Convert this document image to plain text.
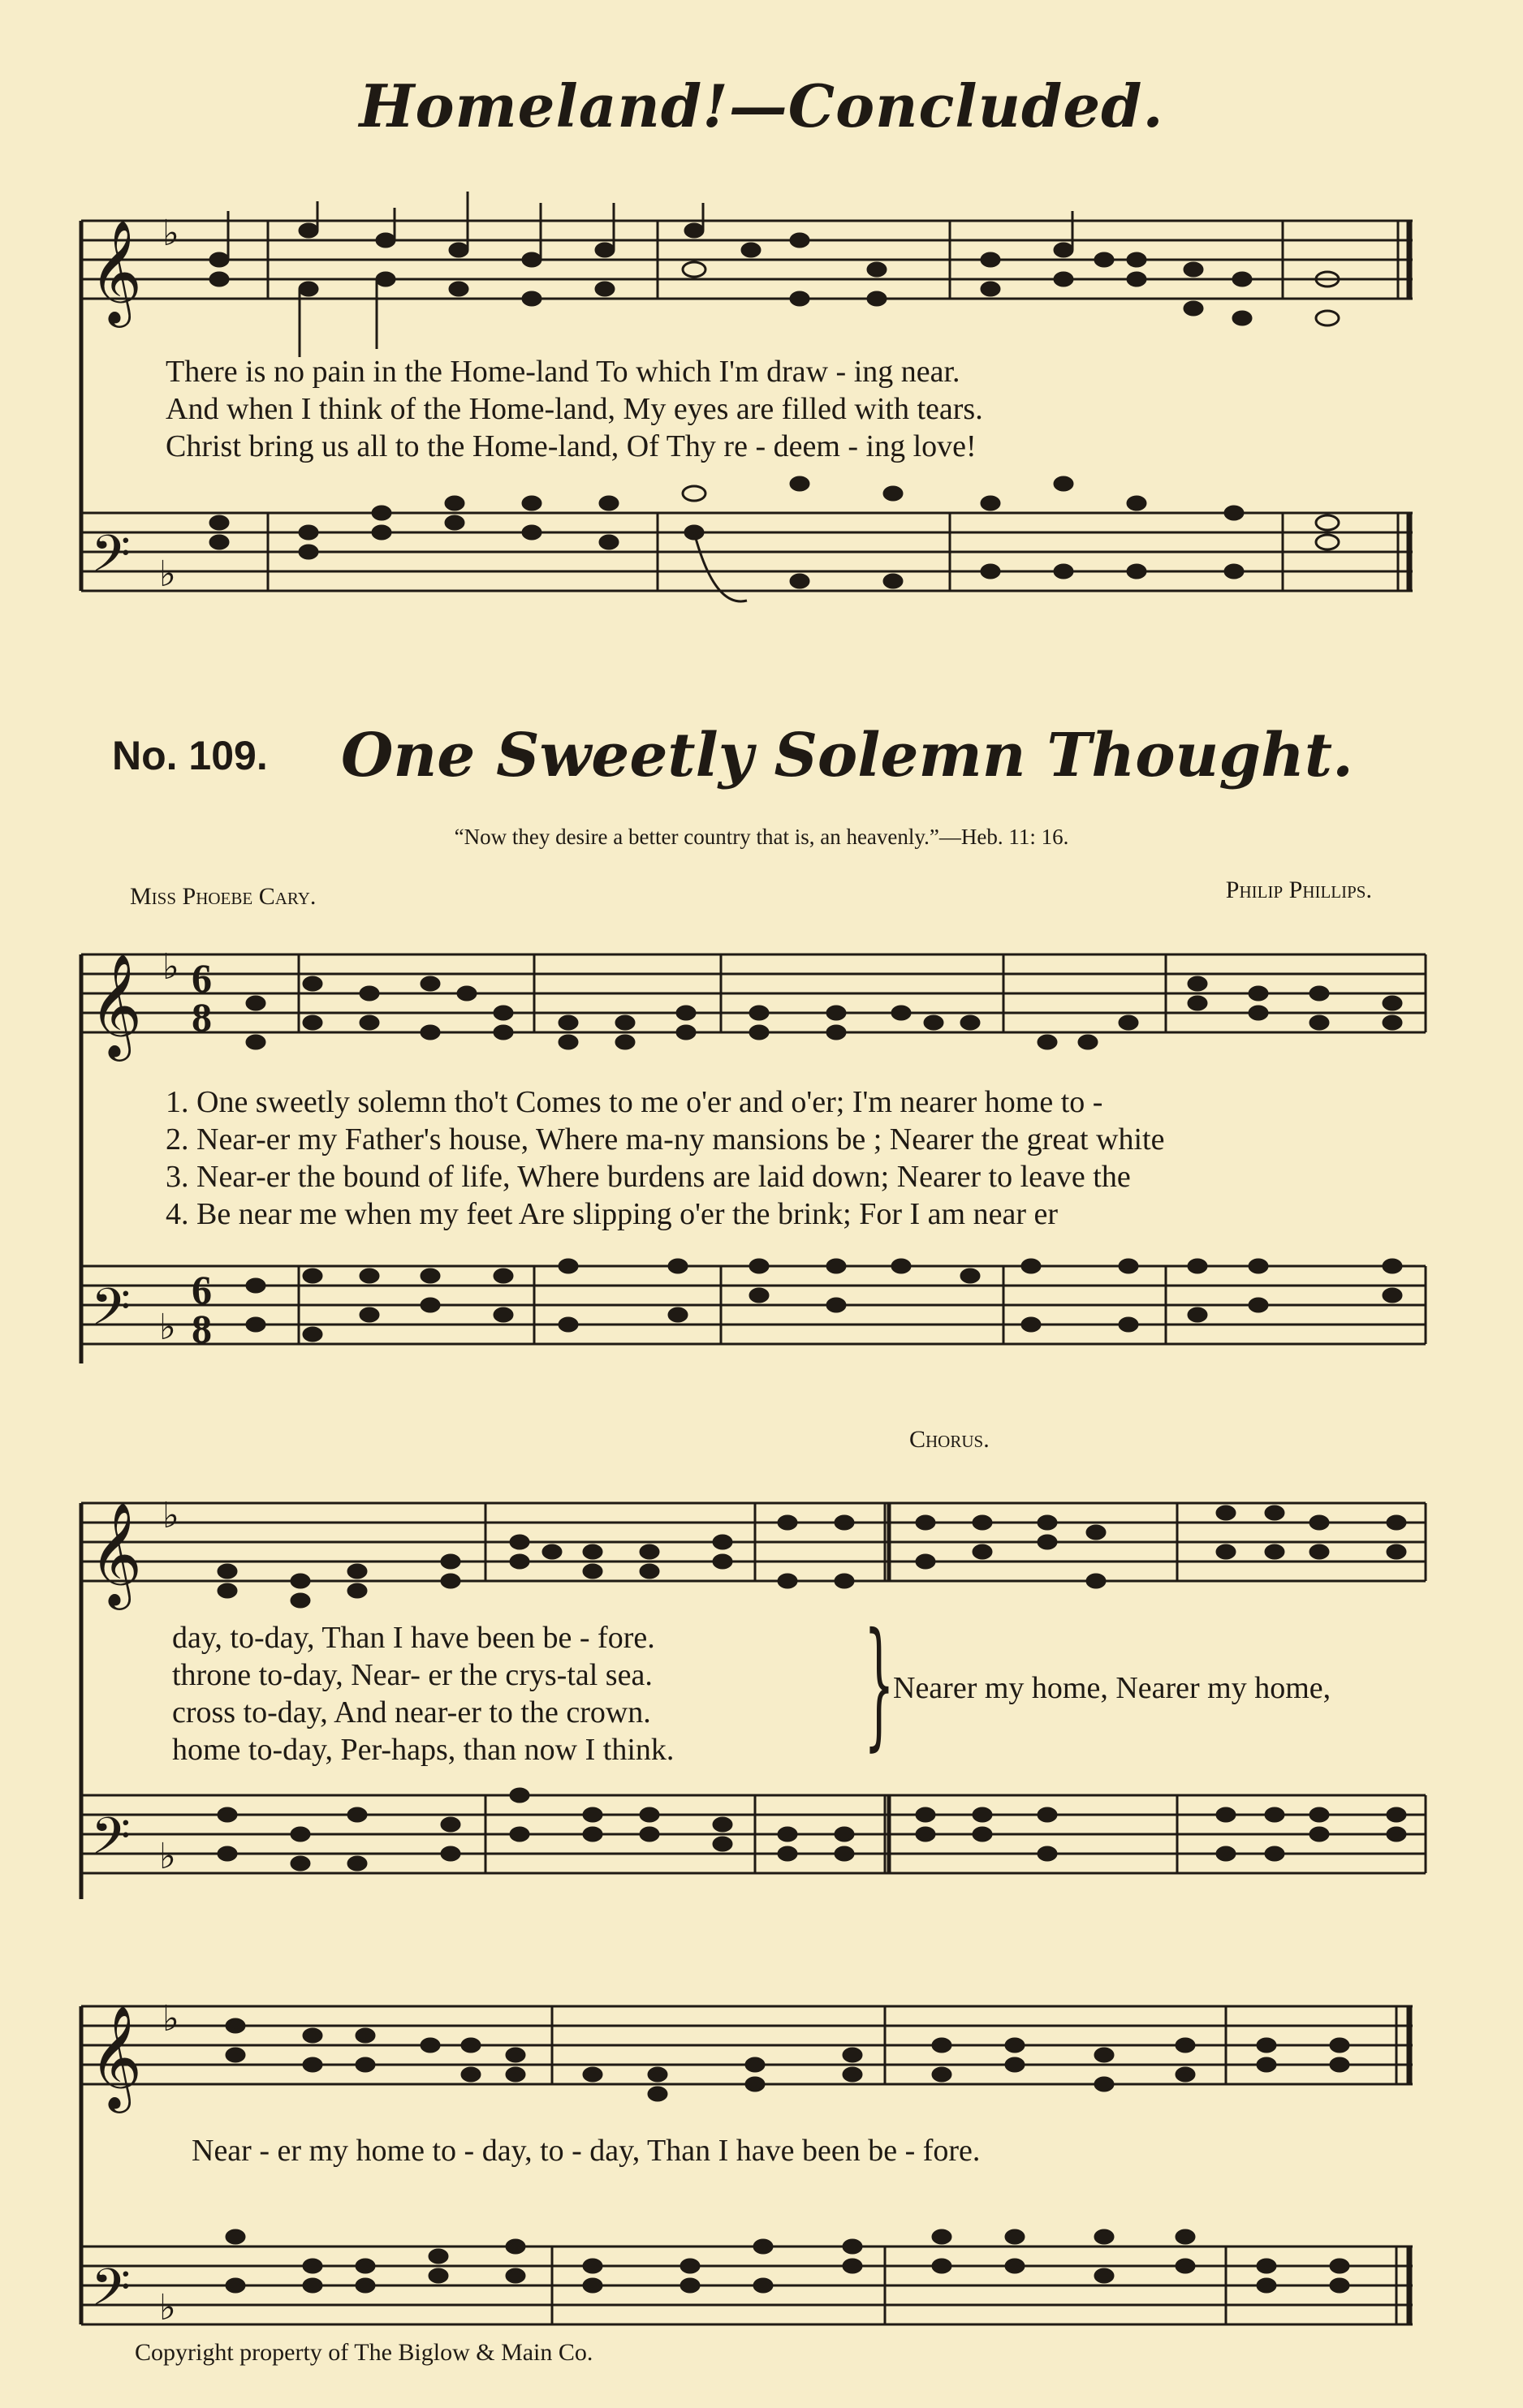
Homeland!—Concluded.
𝄞
𝄢
♭
♭
𝄞
𝄢
♭
♭
6
8
6
8
𝄞
𝄢
♭
♭
𝄞
𝄢
♭
♭
There is no pain in the Home-land To which I'm draw - ing near.
And when I think of the Home-land, My eyes are filled with tears.
Christ bring us all to the Home-land, Of Thy re - deem - ing love!
No. 109. One Sweetly Solemn Thought.
“Now they desire a better country that is, an heavenly.”—Heb. 11: 16.
Miss Phoebe Cary.	Philip Phillips.
1. One sweetly solemn tho't Comes to me o'er and o'er; I'm nearer home to -
2. Near-er my Father's house, Where ma-ny mansions be ; Nearer the great white
3. Near-er the bound of life, Where burdens are laid down; Nearer to leave the
4. Be near me when my feet Are slipping o'er the brink; For I am near er
Chorus.
day, to-day, Than I have been be - fore.
throne to-day, Near- er the crys-tal sea.
cross to-day, And near-er to the crown.
home to-day, Per-haps, than now I think. }
Nearer my home, Nearer my home,
Near - er my home to - day, to - day, Than I have been be - fore.
Copyright property of The Biglow & Main Co.
